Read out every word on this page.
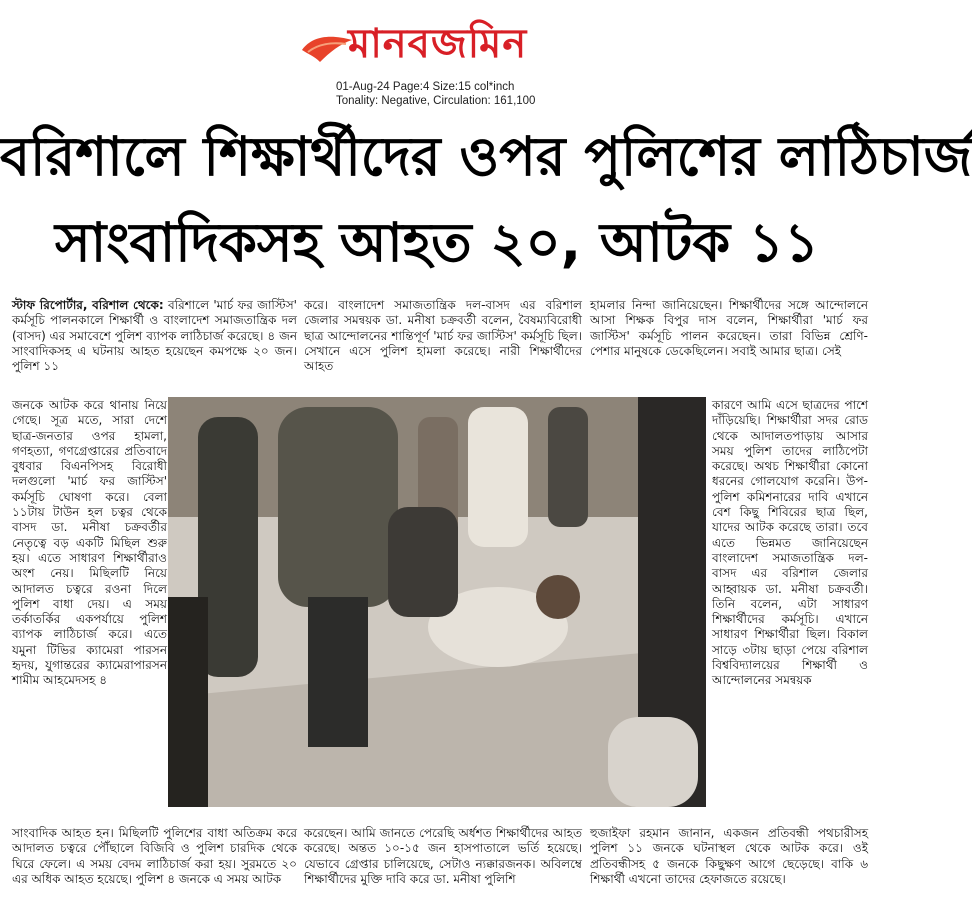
মানবজমিন
01-Aug-24 Page:4 Size:15 col*inch
Tonality: Negative, Circulation: 161,100
বরিশালে শিক্ষার্থীদের ওপর পুলিশের লাঠিচার্জ
সাংবাদিকসহ আহত ২০, আটক ১১
স্টাফ রিপোর্টার, বরিশাল থেকে: বরিশালে 'মার্চ ফর জাস্টিস' কর্মসূচি পালনকালে শিক্ষার্থী ও বাংলাদেশ সমাজতান্ত্রিক দল (বাসদ) এর সমাবেশে পুলিশ ব্যাপক লাঠিচার্জ করেছে। ৪ জন সাংবাদিকসহ এ ঘটনায় আহত হয়েছেন কমপক্ষে ২০ জন। পুলিশ ১১
জনকে আটক করে থানায় নিয়ে গেছে। সূত্র মতে, সারা দেশে ছাত্র-জনতার ওপর হামলা, গণহত্যা, গণগ্রেপ্তারের প্রতিবাদে বুধবার বিএনপিসহ বিরোধী দলগুলো 'মার্চ ফর জাস্টিস' কর্মসূচি ঘোষণা করে। বেলা ১১টায় টাউন হল চত্বর থেকে বাসদ ডা. মনীষা চক্রবর্তীর নেতৃত্বে বড় একটি মিছিল শুরু হয়। এতে সাধারণ শিক্ষার্থীরাও অংশ নেয়। মিছিলটি নিয়ে আদালত চত্বরে রওনা দিলে পুলিশ বাধা দেয়। এ সময় তর্কাতর্কির একপর্যায়ে পুলিশ ব্যাপক লাঠিচার্জ করে। এতে যমুনা টিভির ক্যামেরা পারসন হৃদয়, যুগান্তরের ক্যামেরাপারসন শামীম আহমেদসহ ৪
করে। বাংলাদেশ সমাজতান্ত্রিক দল-বাসদ এর বরিশাল জেলার সমন্বয়ক ডা. মনীষা চক্রবর্তী বলেন, বৈষম্যবিরোধী ছাত্র আন্দোলনের শান্তিপূর্ণ 'মার্চ ফর জাস্টিস' কর্মসূচি ছিল। সেখানে এসে পুলিশ হামলা করেছে। নারী শিক্ষার্থীদের আহত
হামলার নিন্দা জানিয়েছেন। শিক্ষার্থীদের সঙ্গে আন্দোলনে আসা শিক্ষক বিপুর দাস বলেন, শিক্ষার্থীরা 'মার্চ ফর জাস্টিস' কর্মসূচি পালন করেছেন। তারা বিভিন্ন শ্রেণি- পেশার মানুষকে ডেকেছিলেন। সবাই আমার ছাত্র। সেই
কারণে আমি এসে ছাত্রদের পাশে দাঁড়িয়েছি। শিক্ষার্থীরা সদর রোড থেকে আদালতপাড়ায় আসার সময় পুলিশ তাদের লাঠিপেটা করেছে। অথচ শিক্ষার্থীরা কোনো ধরনের গোলযোগ করেনি। উপ-পুলিশ কমিশনারের দাবি এখানে বেশ কিছু শিবিরের ছাত্র ছিল, যাদের আটক করেছে তারা। তবে এতে ভিন্নমত জানিয়েছেন বাংলাদেশ সমাজতান্ত্রিক দল-বাসদ এর বরিশাল জেলার আহ্বায়ক ডা. মনীষা চক্রবর্তী। তিনি বলেন, এটা সাধারণ শিক্ষার্থীদের কর্মসূচি। এখানে সাধারণ শিক্ষার্থীরা ছিল। বিকাল সাড়ে ৩টায় ছাড়া পেয়ে বরিশাল বিশ্ববিদ্যালয়ের শিক্ষার্থী ও আন্দোলনের সমন্বয়ক
সাংবাদিক আহত হন। মিছিলটি পুলিশের বাধা অতিক্রম করে আদালত চত্বরে পৌঁছালে বিজিবি ও পুলিশ চারদিক থেকে ঘিরে ফেলে। এ সময় বেদম লাঠিচার্জ করা হয়। সুরমতে ২০ এর অধিক আহত হয়েছে। পুলিশ ৪ জনকে এ সময় আটক
করেছেন। আমি জানতে পেরেছি অর্ধশত শিক্ষার্থীদের আহত করেছে। অন্তত ১০-১৫ জন হাসপাতালে ভর্তি হয়েছে। যেভাবে গ্রেপ্তার চালিয়েছে, সেটাও ন্যক্কারজনক। অবিলম্বে শিক্ষার্থীদের মুক্তি দাবি করে ডা. মনীষা পুলিশি
হুজাইফা রহমান জানান, একজন প্রতিবন্ধী পথচারীসহ পুলিশ ১১ জনকে ঘটনাস্থল থেকে আটক করে। ওই প্রতিবন্ধীসহ ৫ জনকে কিছুক্ষণ আগে ছেড়েছে। বাকি ৬ শিক্ষার্থী এখনো তাদের হেফাজতে রয়েছে।
